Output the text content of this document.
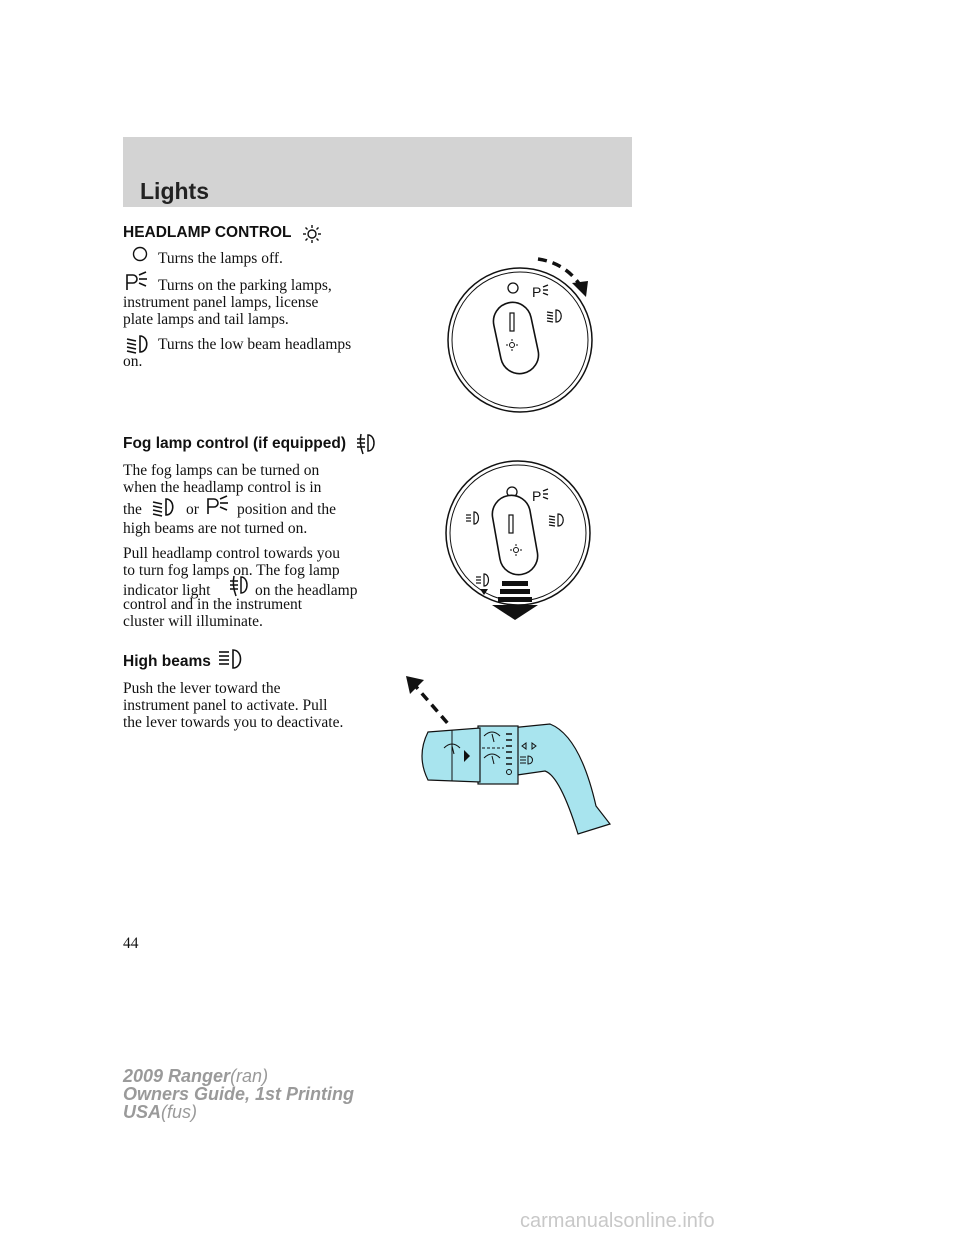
Lights
HEADLAMP CONTROL
Turns the lamps off.
Turns on the parking lamps,
instrument panel lamps, license
plate lamps and tail lamps.
Turns the low beam headlamps
on.
P
Fog lamp control (if equipped)
The fog lamps can be turned on
when the headlamp control is in
the	or position and the
high beams are not turned on.
Pull headlamp control towards you
to turn fog lamps on. The fog lamp
indicator light	on the headlamp
control and in the instrument
cluster will illuminate.
P
High beams
Push the lever toward the
instrument panel to activate. Pull
the lever towards you to deactivate.
44
2009 Ranger(ran)
Owners Guide, 1st Printing
USA(fus)
carmanualsonline.info
